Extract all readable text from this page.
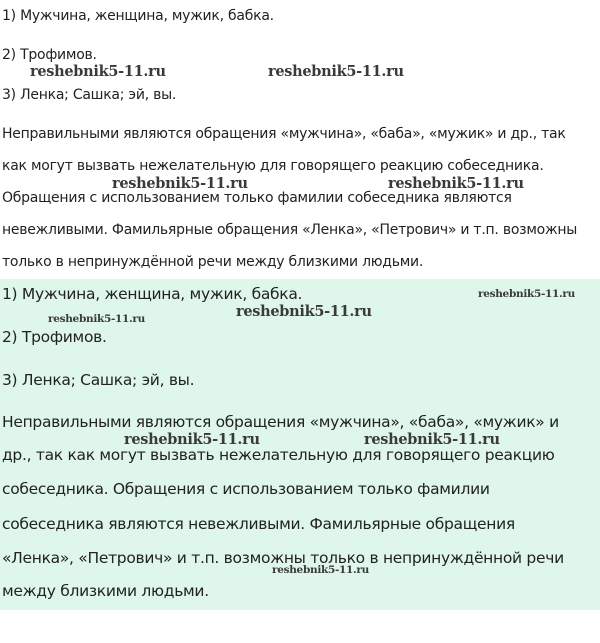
1) Мужчина, женщина, мужик, бабка.
2) Трофимов.
3) Ленка; Сашка; эй, вы.
Неправильными являются обращения «мужчина», «баба», «мужик» и др., так
как могут вызвать нежелательную для говорящего реакцию собеседника.
Обращения с использованием только фамилии собеседника являются
невежливыми. Фамильярные обращения «Ленка», «Петрович» и т.п. возможны
только в непринуждённой речи между близкими людьми.
1) Мужчина, женщина, мужик, бабка.
2) Трофимов.
3) Ленка; Сашка; эй, вы.
Неправильными являются обращения «мужчина», «баба», «мужик» и
др., так как могут вызвать нежелательную для говорящего реакцию
собеседника. Обращения с использованием только фамилии
собеседника являются невежливыми. Фамильярные обращения
«Ленка», «Петрович» и т.п. возможны только в непринуждённой речи
между близкими людьми.
reshebnik5-11.ru	reshebnik5-11.ru
reshebnik5-11.ru	reshebnik5-11.ru
reshebnik5-11.ru
reshebnik5-11.ru	reshebnik5-11.ru
reshebnik5-11.ru	reshebnik5-11.ru
reshebnik5-11.ru
